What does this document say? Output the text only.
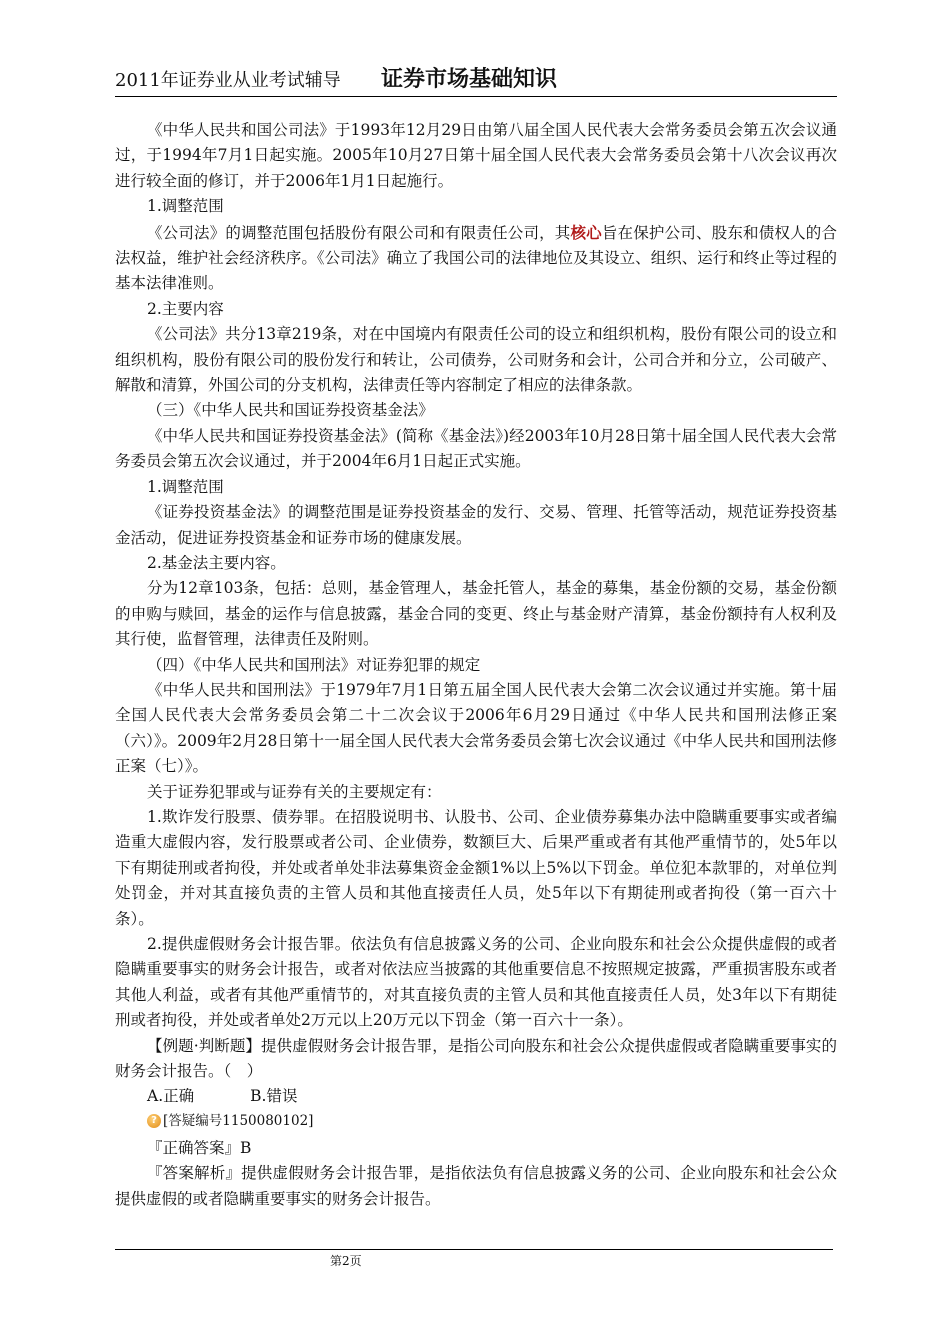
2011年证券业从业考试辅导 证券市场基础知识

《中华人民共和国公司法》于1993年12月29日由第八届全国人民代表大会常务委员会第五次会议通过，于1994年7月1日起实施。2005年10月27日第十届全国人民代表大会常务委员会第十八次会议再次进行较全面的修订，并于2006年1月1日起施行。

1.调整范围

《公司法》的调整范围包括股份有限公司和有限责任公司，其核心旨在保护公司、股东和债权人的合法权益，维护社会经济秩序。《公司法》确立了我国公司的法律地位及其设立、组织、运行和终止等过程的基本法律准则。

2.主要内容

《公司法》共分13章219条，对在中国境内有限责任公司的设立和组织机构，股份有限公司的设立和组织机构，股份有限公司的股份发行和转让，公司债券，公司财务和会计，公司合并和分立，公司破产、解散和清算，外国公司的分支机构，法律责任等内容制定了相应的法律条款。

（三）《中华人民共和国证券投资基金法》

《中华人民共和国证券投资基金法》(简称《基金法》)经2003年10月28日第十届全国人民代表大会常务委员会第五次会议通过，并于2004年6月1日起正式实施。

1.调整范围

《证券投资基金法》的调整范围是证券投资基金的发行、交易、管理、托管等活动，规范证券投资基金活动，促进证券投资基金和证券市场的健康发展。

2.基金法主要内容。

分为12章103条，包括：总则，基金管理人，基金托管人，基金的募集，基金份额的交易，基金份额的申购与赎回，基金的运作与信息披露，基金合同的变更、终止与基金财产清算，基金份额持有人权利及其行使，监督管理，法律责任及附则。

（四）《中华人民共和国刑法》对证券犯罪的规定

《中华人民共和国刑法》于1979年7月1日第五届全国人民代表大会第二次会议通过并实施。第十届全国人民代表大会常务委员会第二十二次会议于2006年6月29日通过《中华人民共和国刑法修正案（六）》。2009年2月28日第十一届全国人民代表大会常务委员会第七次会议通过《中华人民共和国刑法修正案（七）》。

关于证券犯罪或与证券有关的主要规定有：

1.欺诈发行股票、债券罪。在招股说明书、认股书、公司、企业债券募集办法中隐瞒重要事实或者编造重大虚假内容，发行股票或者公司、企业债券，数额巨大、后果严重或者有其他严重情节的，处5年以下有期徒刑或者拘役，并处或者单处非法募集资金金额1%以上5%以下罚金。单位犯本款罪的，对单位判处罚金，并对其直接负责的主管人员和其他直接责任人员，处5年以下有期徒刑或者拘役（第一百六十条）。

2.提供虚假财务会计报告罪。依法负有信息披露义务的公司、企业向股东和社会公众提供虚假的或者隐瞒重要事实的财务会计报告，或者对依法应当披露的其他重要信息不按照规定披露，严重损害股东或者其他人利益，或者有其他严重情节的，对其直接负责的主管人员和其他直接责任人员，处3年以下有期徒刑或者拘役，并处或者单处2万元以上20万元以下罚金（第一百六十一条）。

【例题·判断题】提供虚假财务会计报告罪，是指公司向股东和社会公众提供虚假或者隐瞒重要事实的财务会计报告。（　）

A.正确	B.错误

? [答疑编号1150080102]

『正确答案』B

『答案解析』提供虚假财务会计报告罪，是指依法负有信息披露义务的公司、企业向股东和社会公众提供虚假的或者隐瞒重要事实的财务会计报告。

第2页
